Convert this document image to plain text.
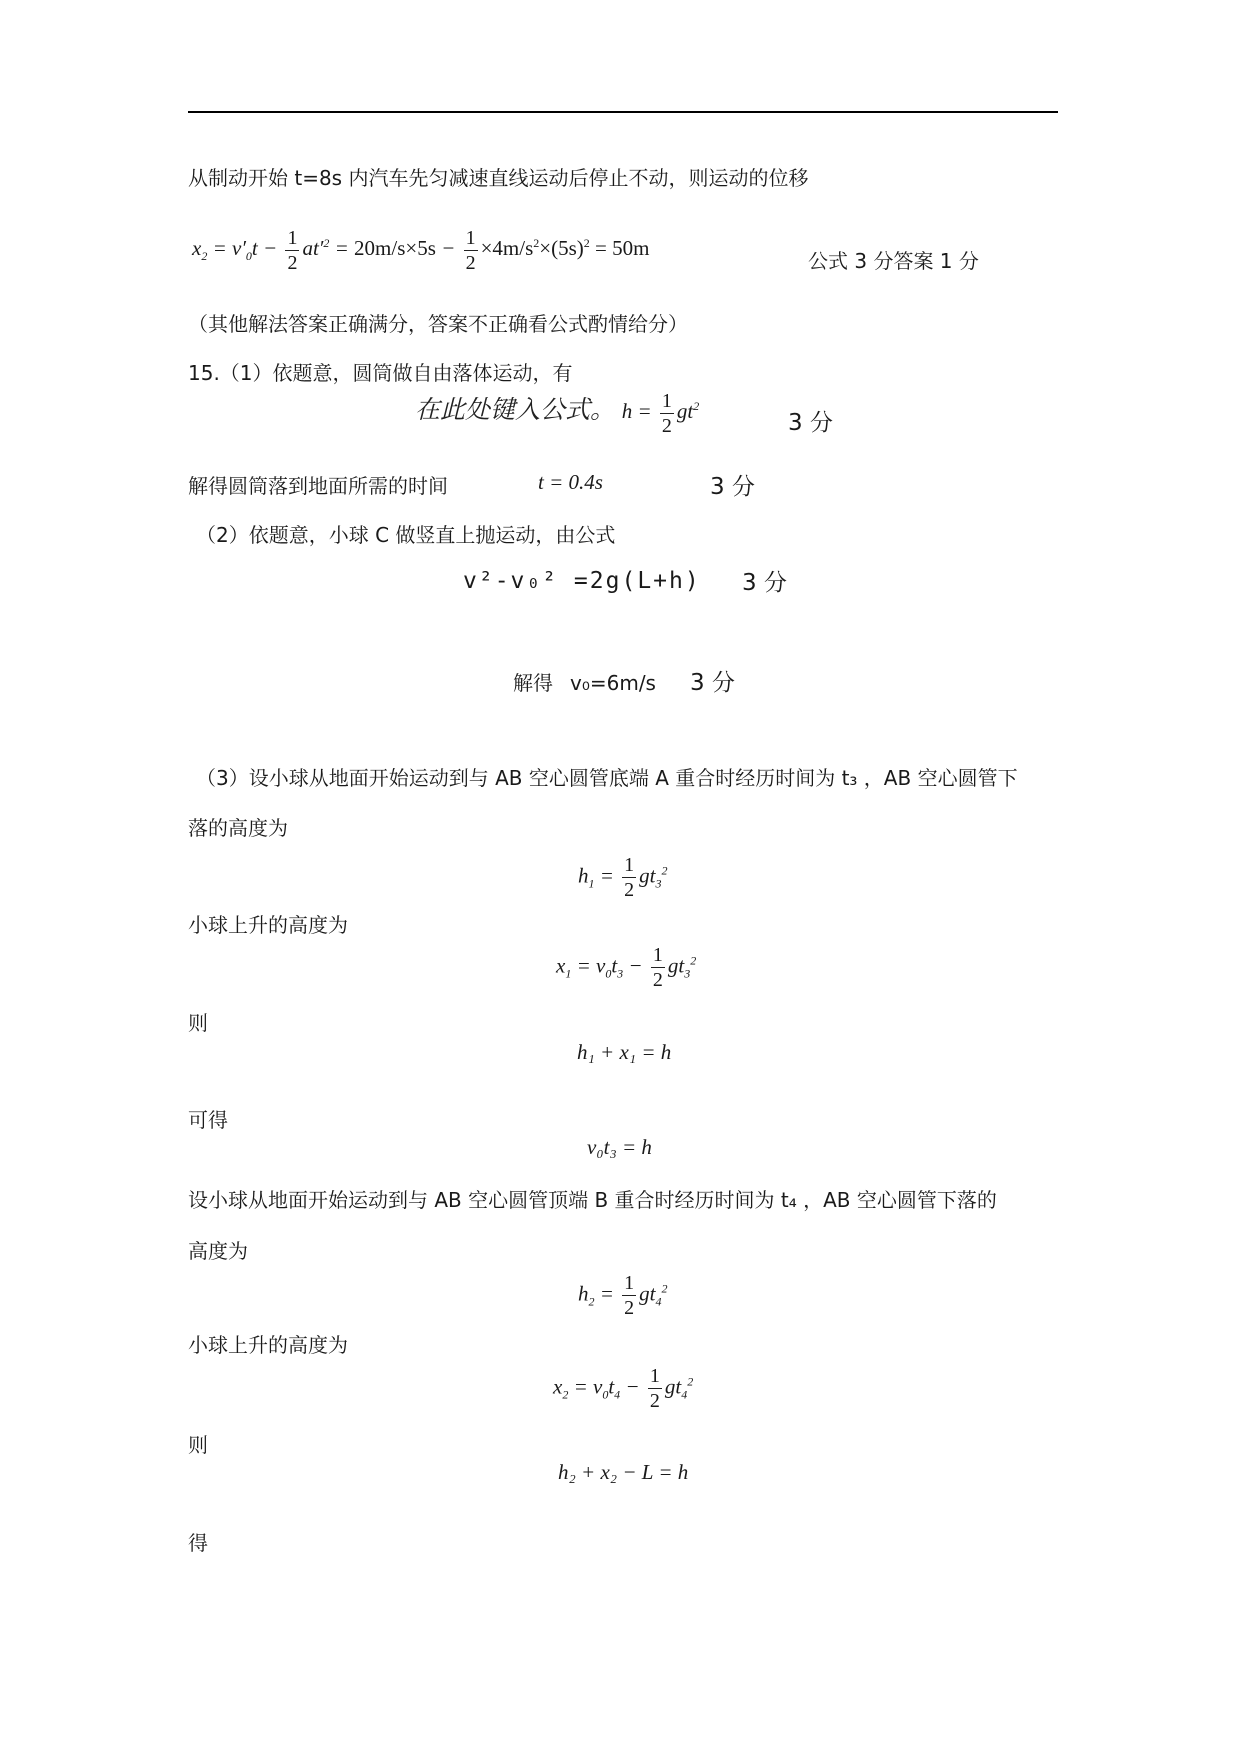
从制动开始 t=8s 内汽车先匀减速直线运动后停止不动，则运动的位移
$x_2 = v'_0t - \frac{1}{2} at'^2 = 20m/s\times 5s - \frac{1}{2} \times 4m/s^2\times(5s)^2 = 50m$
公式 3 分答案 1 分
（其他解法答案正确满分，答案不正确看公式酌情给分）
15.（1）依题意，圆筒做自由落体运动，有
在此处键入公式。 $h = \frac{1}{2} gt^2$
3 分
解得圆筒落到地面所需的时间	t = 0.4s	3 分
（2）依题意，小球 C 做竖直上抛运动，由公式
v²-v₀² =2g(L+h) 3 分
解得 v₀=6m/s 3 分
（3）设小球从地面开始运动到与 AB 空心圆管底端 A 重合时经历时间为 t₃ ，AB 空心圆管下
落的高度为
$h_1 = \frac{1}{2} gt_3^2$
小球上升的高度为
$x_1 = v_0t_3 - \frac{1}{2} gt_3^2$
则
h₁ + x₁ = h
可得
v₀t₃ = h
设小球从地面开始运动到与 AB 空心圆管顶端 B 重合时经历时间为 t₄ ，AB 空心圆管下落的
高度为
$h_2 = \frac{1}{2} gt_4^2$
小球上升的高度为
$x_2 = v_0t_4 - \frac{1}{2} gt_4^2$
则
h₂ + x₂ − L = h
得
